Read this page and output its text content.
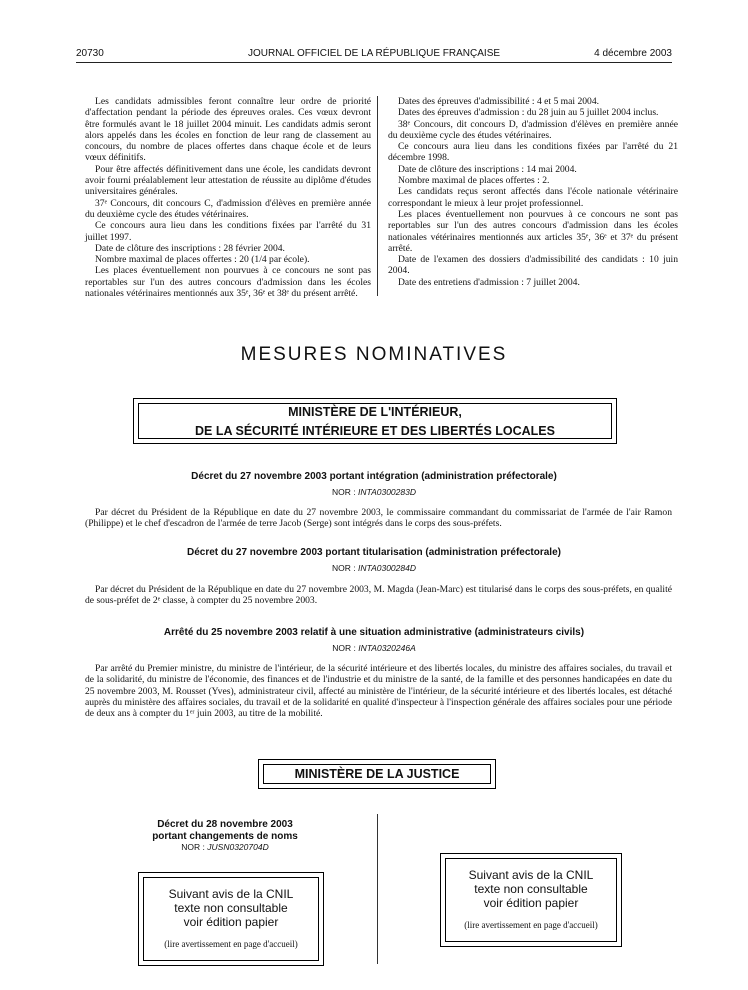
20730	JOURNAL OFFICIEL DE LA RÉPUBLIQUE FRANÇAISE	4 décembre 2003

Les candidats admissibles feront connaître leur ordre de priorité d'affectation pendant la période des épreuves orales. Ces vœux devront être formulés avant le 18 juillet 2004 minuit. Les candidats admis seront alors appelés dans les écoles en fonction de leur rang de classement au concours, du nombre de places offertes dans chaque école et de leurs vœux définitifs.

Pour être affectés définitivement dans une école, les candidats devront avoir fourni préalablement leur attestation de réussite au diplôme d'études universitaires générales.

37ᵉ Concours, dit concours C, d'admission d'élèves en première année du deuxième cycle des études vétérinaires.

Ce concours aura lieu dans les conditions fixées par l'arrêté du 31 juillet 1997.

Date de clôture des inscriptions : 28 février 2004.

Nombre maximal de places offertes : 20 (1/4 par école).

Les places éventuellement non pourvues à ce concours ne sont pas reportables sur l'un des autres concours d'admission dans les écoles nationales vétérinaires mentionnés aux 35ᵉ, 36ᵉ et 38ᵉ du présent arrêté.

Dates des épreuves d'admissibilité : 4 et 5 mai 2004.

Dates des épreuves d'admission : du 28 juin au 5 juillet 2004 inclus.

38ᵉ Concours, dit concours D, d'admission d'élèves en première année du deuxième cycle des études vétérinaires.

Ce concours aura lieu dans les conditions fixées par l'arrêté du 21 décembre 1998.

Date de clôture des inscriptions : 14 mai 2004.

Nombre maximal de places offertes : 2.

Les candidats reçus seront affectés dans l'école nationale vétérinaire correspondant le mieux à leur projet professionnel.

Les places éventuellement non pourvues à ce concours ne sont pas reportables sur l'un des autres concours d'admission dans les écoles nationales vétérinaires mentionnés aux articles 35ᵉ, 36ᵉ et 37ᵉ du présent arrêté.

Date de l'examen des dossiers d'admissibilité des candidats : 10 juin 2004.

Date des entretiens d'admission : 7 juillet 2004.

MESURES NOMINATIVES
MINISTÈRE DE L'INTÉRIEUR,
DE LA SÉCURITÉ INTÉRIEURE ET DES LIBERTÉS LOCALES
Décret du 27 novembre 2003 portant intégration (administration préfectorale)
NOR : INTA0300283D
Par décret du Président de la République en date du 27 novembre 2003, le commissaire commandant du commissariat de l'armée de l'air Ramon (Philippe) et le chef d'escadron de l'armée de terre Jacob (Serge) sont intégrés dans le corps des sous-préfets.
Décret du 27 novembre 2003 portant titularisation (administration préfectorale)
NOR : INTA0300284D
Par décret du Président de la République en date du 27 novembre 2003, M. Magda (Jean-Marc) est titularisé dans le corps des sous-préfets, en qualité de sous-préfet de 2ᵉ classe, à compter du 25 novembre 2003.
Arrêté du 25 novembre 2003 relatif à une situation administrative (administrateurs civils)
NOR : INTA0320246A
Par arrêté du Premier ministre, du ministre de l'intérieur, de la sécurité intérieure et des libertés locales, du ministre des affaires sociales, du travail et de la solidarité, du ministre de l'économie, des finances et de l'industrie et du ministre de la santé, de la famille et des personnes handicapées en date du 25 novembre 2003, M. Rousset (Yves), administrateur civil, affecté au ministère de l'intérieur, de la sécurité intérieure et des libertés locales, est détaché auprès du ministère des affaires sociales, du travail et de la solidarité en qualité d'inspecteur à l'inspection générale des affaires sociales pour une période de deux ans à compter du 1ᵉʳ juin 2003, au titre de la mobilité.
MINISTÈRE DE LA JUSTICE
Décret du 28 novembre 2003
portant changements de noms
NOR : JUSN0320704D
Suivant avis de la CNIL
texte non consultable
voir édition papier
(lire avertissement en page d'accueil)
Suivant avis de la CNIL
texte non consultable
voir édition papier
(lire avertissement en page d'accueil)
